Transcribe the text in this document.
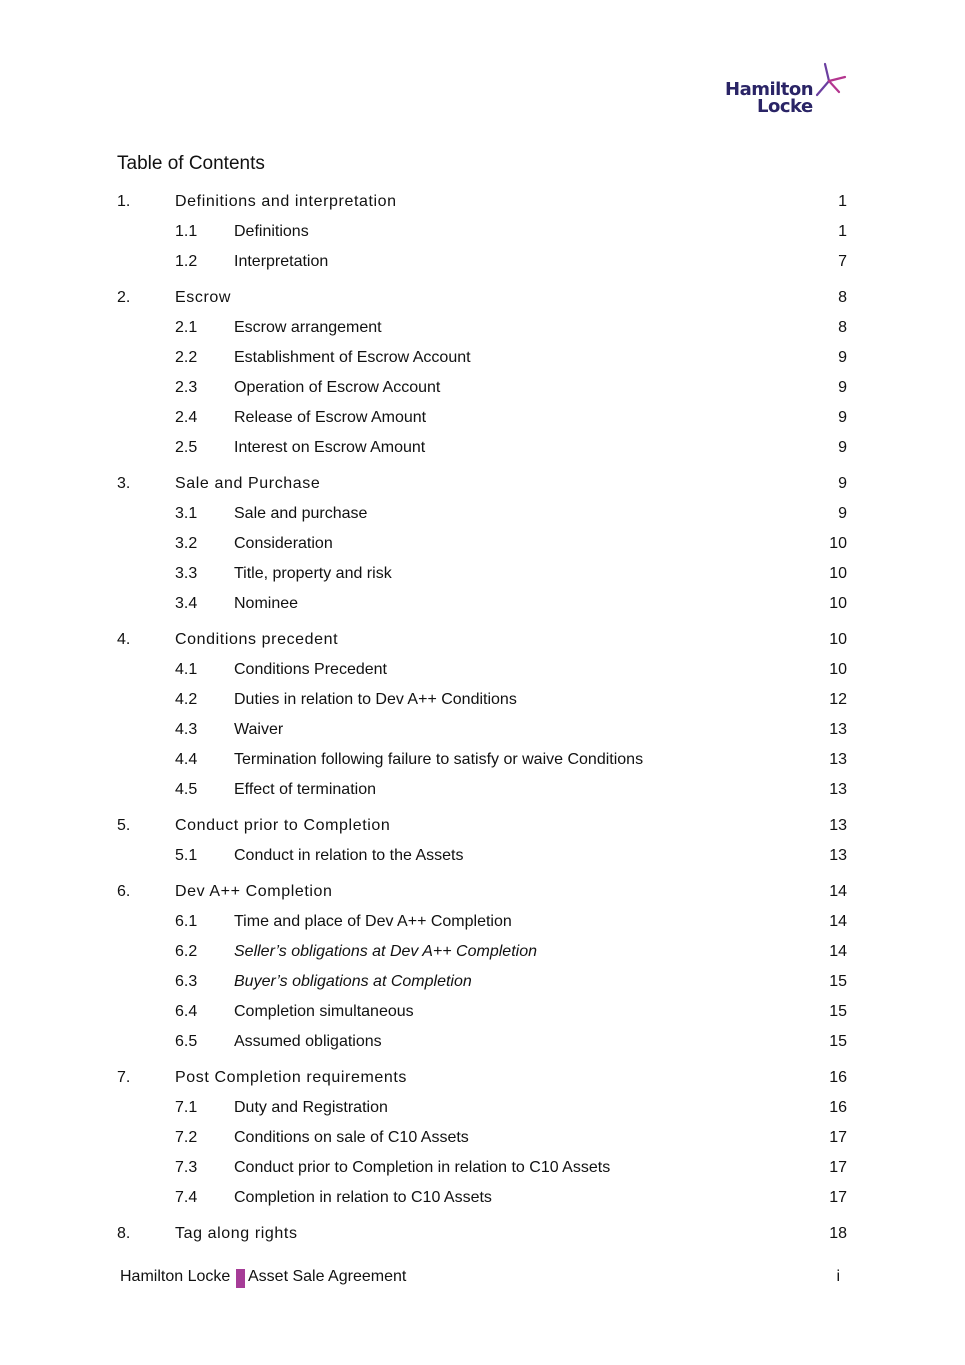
Hamilton
Locke
Table of Contents
1.	Definitions and interpretation	1
1.1 Definitions	1
1.2 Interpretation	7
2.	Escrow	8
2.1 Escrow arrangement	8
2.2 Establishment of Escrow Account	9
2.3 Operation of Escrow Account	9
2.4 Release of Escrow Amount	9
2.5 Interest on Escrow Amount	9
3.	Sale and Purchase	9
3.1 Sale and purchase	9
3.2 Consideration	10
3.3 Title, property and risk	10
3.4 Nominee	10
4.	Conditions precedent	10
4.1 Conditions Precedent	10
4.2 Duties in relation to Dev A++ Conditions	12
4.3 Waiver	13
4.4 Termination following failure to satisfy or waive Conditions	13
4.5 Effect of termination	13
5.	Conduct prior to Completion	13
5.1 Conduct in relation to the Assets	13
6.	Dev A++ Completion	14
6.1 Time and place of Dev A++ Completion	14
6.2 Seller’s obligations at Dev A++ Completion	14
6.3 Buyer’s obligations at Completion	15
6.4 Completion simultaneous	15
6.5 Assumed obligations	15
7.	Post Completion requirements	16
7.1 Duty and Registration	16
7.2 Conditions on sale of C10 Assets	17
7.3 Conduct prior to Completion in relation to C10 Assets	17
7.4 Completion in relation to C10 Assets	17
8.	Tag along rights	18
Hamilton Locke Asset Sale Agreement	i
